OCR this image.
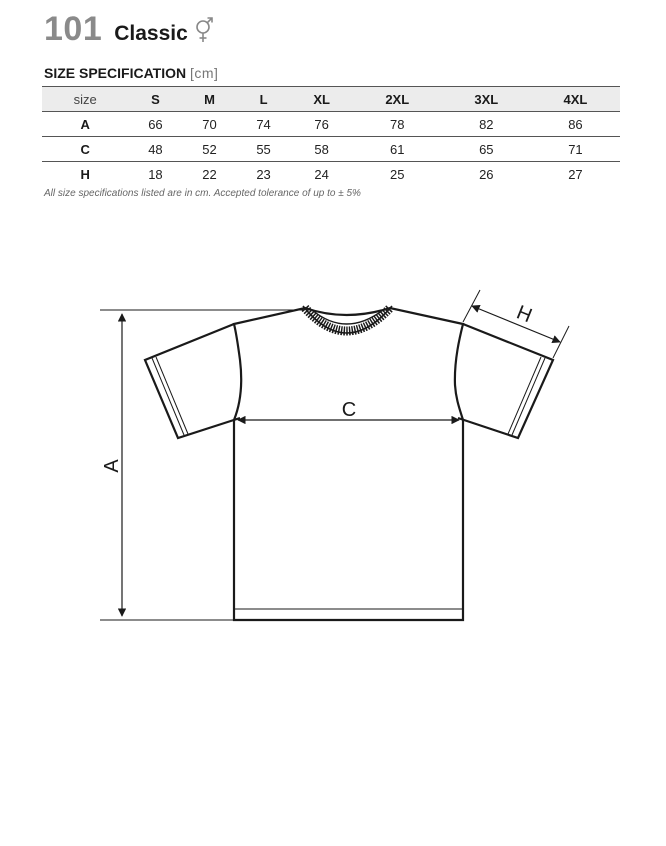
101 Classic
SIZE SPECIFICATION [cm]
size	S	M	L	XL	2XL	3XL	4XL
A	66	70	74	76	78	82	86
C	48	52	55	58	61	65	71
H	18	22	23	24	25	26	27
All size specifications listed are in cm. Accepted tolerance of up to ± 5%
A
C
H
